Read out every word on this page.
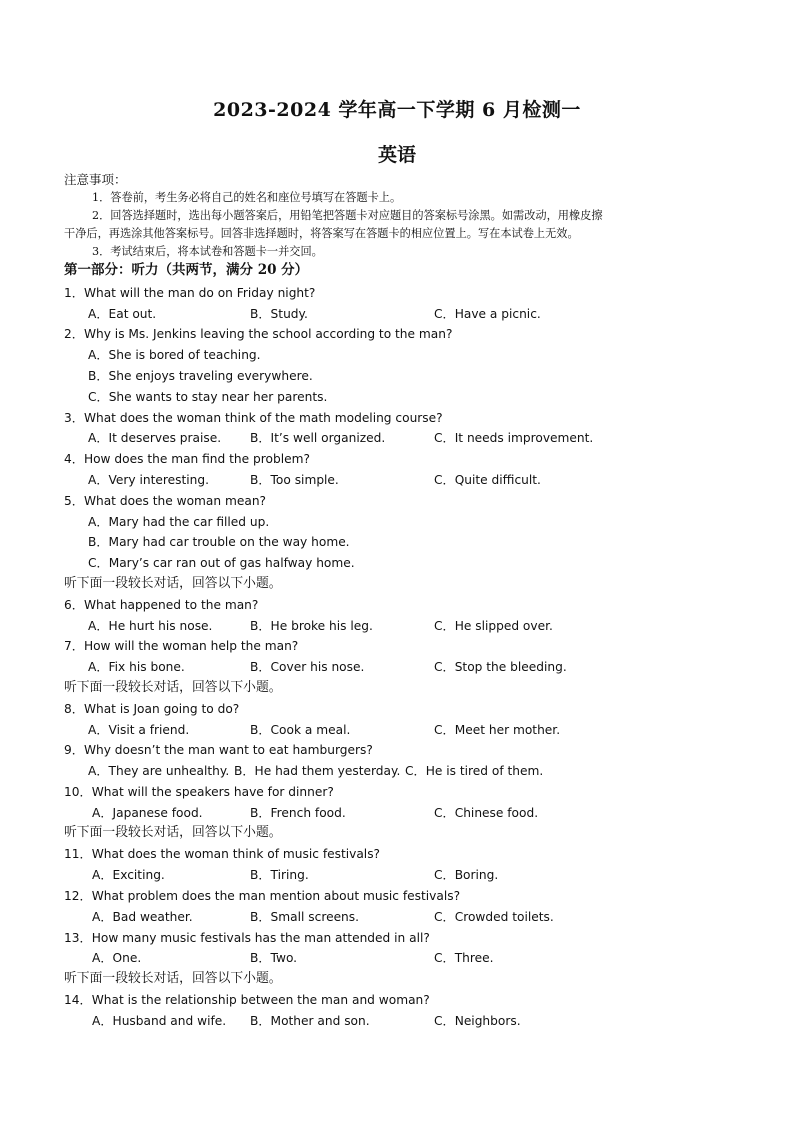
2023-2024 学年高一下学期 6 月检测一
英语
注意事项：
1．答卷前，考生务必将自己的姓名和座位号填写在答题卡上。
2．回答选择题时，选出每小题答案后，用铅笔把答题卡对应题目的答案标号涂黑。如需改动，用橡皮擦
干净后，再选涂其他答案标号。回答非选择题时，将答案写在答题卡的相应位置上。写在本试卷上无效。
3．考试结束后，将本试卷和答题卡一并交回。
第一部分：听力（共两节，满分 20 分）
1．What will the man do on Friday night?
A．Eat out.	B．Study.	C．Have a picnic.
2．Why is Ms. Jenkins leaving the school according to the man?
A．She is bored of teaching.
B．She enjoys traveling everywhere.
C．She wants to stay near her parents.
3．What does the woman think of the math modeling course?
A．It deserves praise. B．It’s well organized.	C．It needs improvement.
4．How does the man find the problem?
A．Very interesting.	B．Too simple.	C．Quite difficult.
5．What does the woman mean?
A．Mary had the car filled up.
B．Mary had car trouble on the way home.
C．Mary’s car ran out of gas halfway home.
听下面一段较长对话，回答以下小题。
6．What happened to the man?
A．He hurt his nose.	B．He broke his leg.	C．He slipped over.
7．How will the woman help the man?
A．Fix his bone.	B．Cover his nose.	C．Stop the bleeding.
听下面一段较长对话，回答以下小题。
8．What is Joan going to do?
A．Visit a friend.	B．Cook a meal.	C．Meet her mother.
9．Why doesn’t the man want to eat hamburgers?
A．They are unhealthy. B．He had them yesterday. C．He is tired of them.
10．What will the speakers have for dinner?
A．Japanese food.	B．French food.	C．Chinese food.
听下面一段较长对话，回答以下小题。
11．What does the woman think of music festivals?
A．Exciting.	B．Tiring.	C．Boring.
12．What problem does the man mention about music festivals?
A．Bad weather.	B．Small screens.	C．Crowded toilets.
13．How many music festivals has the man attended in all?
A．One.	B．Two.	C．Three.
听下面一段较长对话，回答以下小题。
14．What is the relationship between the man and woman?
A．Husband and wife. B．Mother and son.	C．Neighbors.
